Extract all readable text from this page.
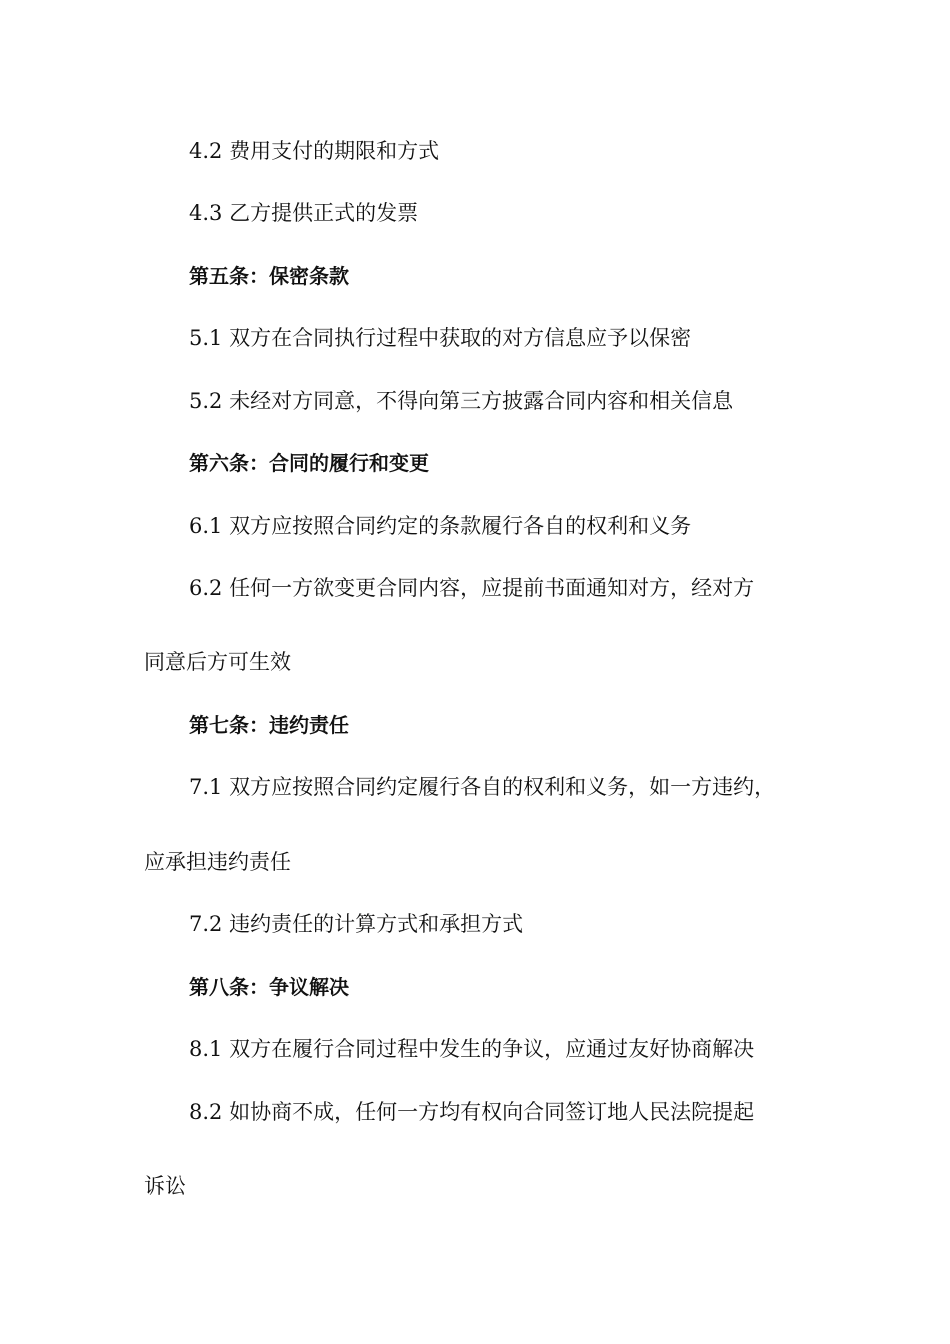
4.2 费用支付的期限和方式
4.3 乙方提供正式的发票
第五条：保密条款
5.1 双方在合同执行过程中获取的对方信息应予以保密
5.2 未经对方同意，不得向第三方披露合同内容和相关信息
第六条：合同的履行和变更
6.1 双方应按照合同约定的条款履行各自的权利和义务
6.2 任何一方欲变更合同内容，应提前书面通知对方，经对方
同意后方可生效
第七条：违约责任
7.1 双方应按照合同约定履行各自的权利和义务，如一方违约，
应承担违约责任
7.2 违约责任的计算方式和承担方式
第八条：争议解决
8.1 双方在履行合同过程中发生的争议，应通过友好协商解决
8.2 如协商不成，任何一方均有权向合同签订地人民法院提起
诉讼
